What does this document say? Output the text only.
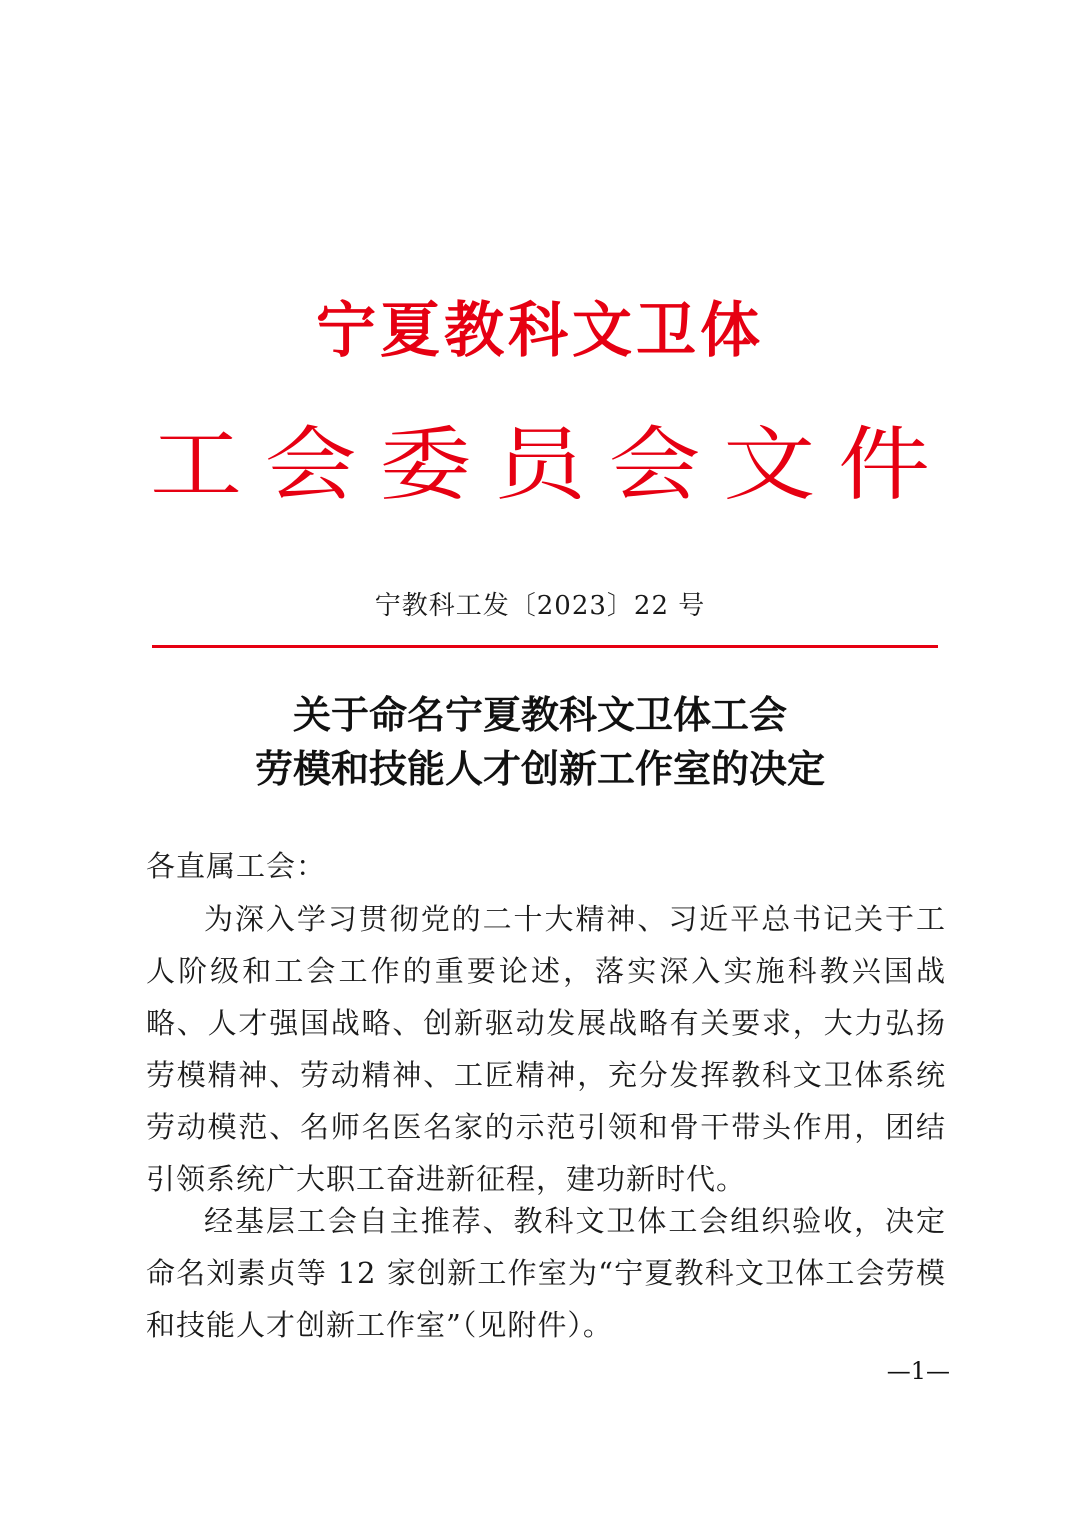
宁夏教科文卫体
工 会 委 员 会 文 件
宁教科工发〔2023〕22 号
关于命名宁夏教科文卫体工会
劳模和技能人才创新工作室的决定
各直属工会：

为深入学习贯彻党的二十大精神、习近平总书记关于工人阶级和工会工作的重要论述，落实深入实施科教兴国战略、人才强国战略、创新驱动发展战略有关要求，大力弘扬劳模精神、劳动精神、工匠精神，充分发挥教科文卫体系统劳动模范、名师名医名家的示范引领和骨干带头作用，团结引领系统广大职工奋进新征程，建功新时代。

经基层工会自主推荐、教科文卫体工会组织验收，决定命名刘素贞等 12 家创新工作室为“宁夏教科文卫体工会劳模和技能人才创新工作室”（见附件）。

—1—
